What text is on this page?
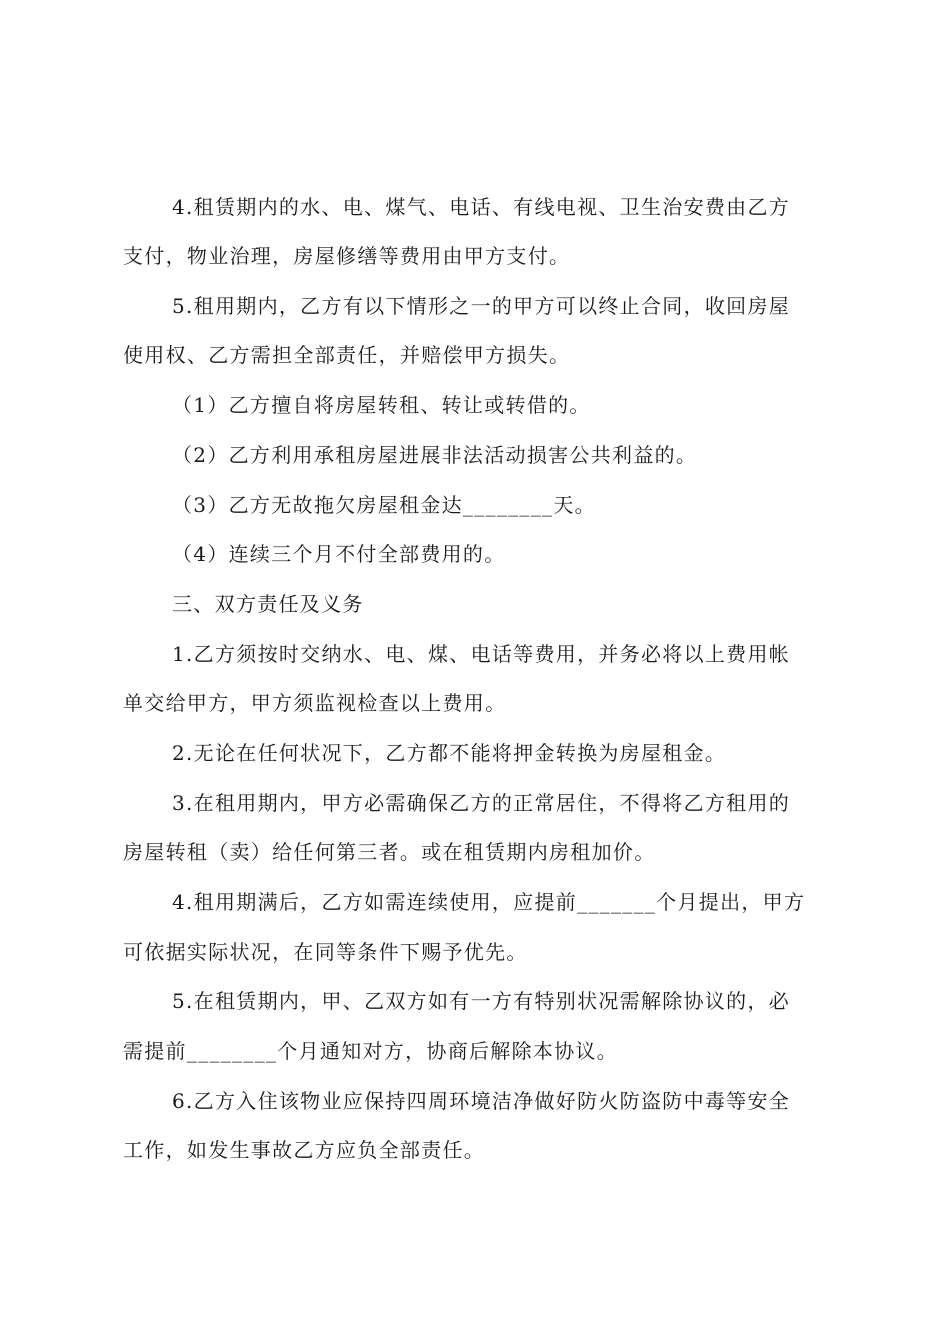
4.租赁期内的水、电、煤气、电话、有线电视、卫生治安费由乙方
支付，物业治理，房屋修缮等费用由甲方支付。
5.租用期内，乙方有以下情形之一的甲方可以终止合同，收回房屋
使用权、乙方需担全部责任，并赔偿甲方损失。
（1）乙方擅自将房屋转租、转让或转借的。
（2）乙方利用承租房屋进展非法活动损害公共利益的。
（3）乙方无故拖欠房屋租金达________天。
（4）连续三个月不付全部费用的。
三、双方责任及义务
1.乙方须按时交纳水、电、煤、电话等费用，并务必将以上费用帐
单交给甲方，甲方须监视检查以上费用。
2.无论在任何状况下，乙方都不能将押金转换为房屋租金。
3.在租用期内，甲方必需确保乙方的正常居住，不得将乙方租用的
房屋转租（卖）给任何第三者。或在租赁期内房租加价。
4.租用期满后，乙方如需连续使用，应提前_______个月提出，甲方
可依据实际状况，在同等条件下赐予优先。
5.在租赁期内，甲、乙双方如有一方有特别状况需解除协议的，必
需提前________个月通知对方，协商后解除本协议。
6.乙方入住该物业应保持四周环境洁净做好防火防盗防中毒等安全
工作，如发生事故乙方应负全部责任。
